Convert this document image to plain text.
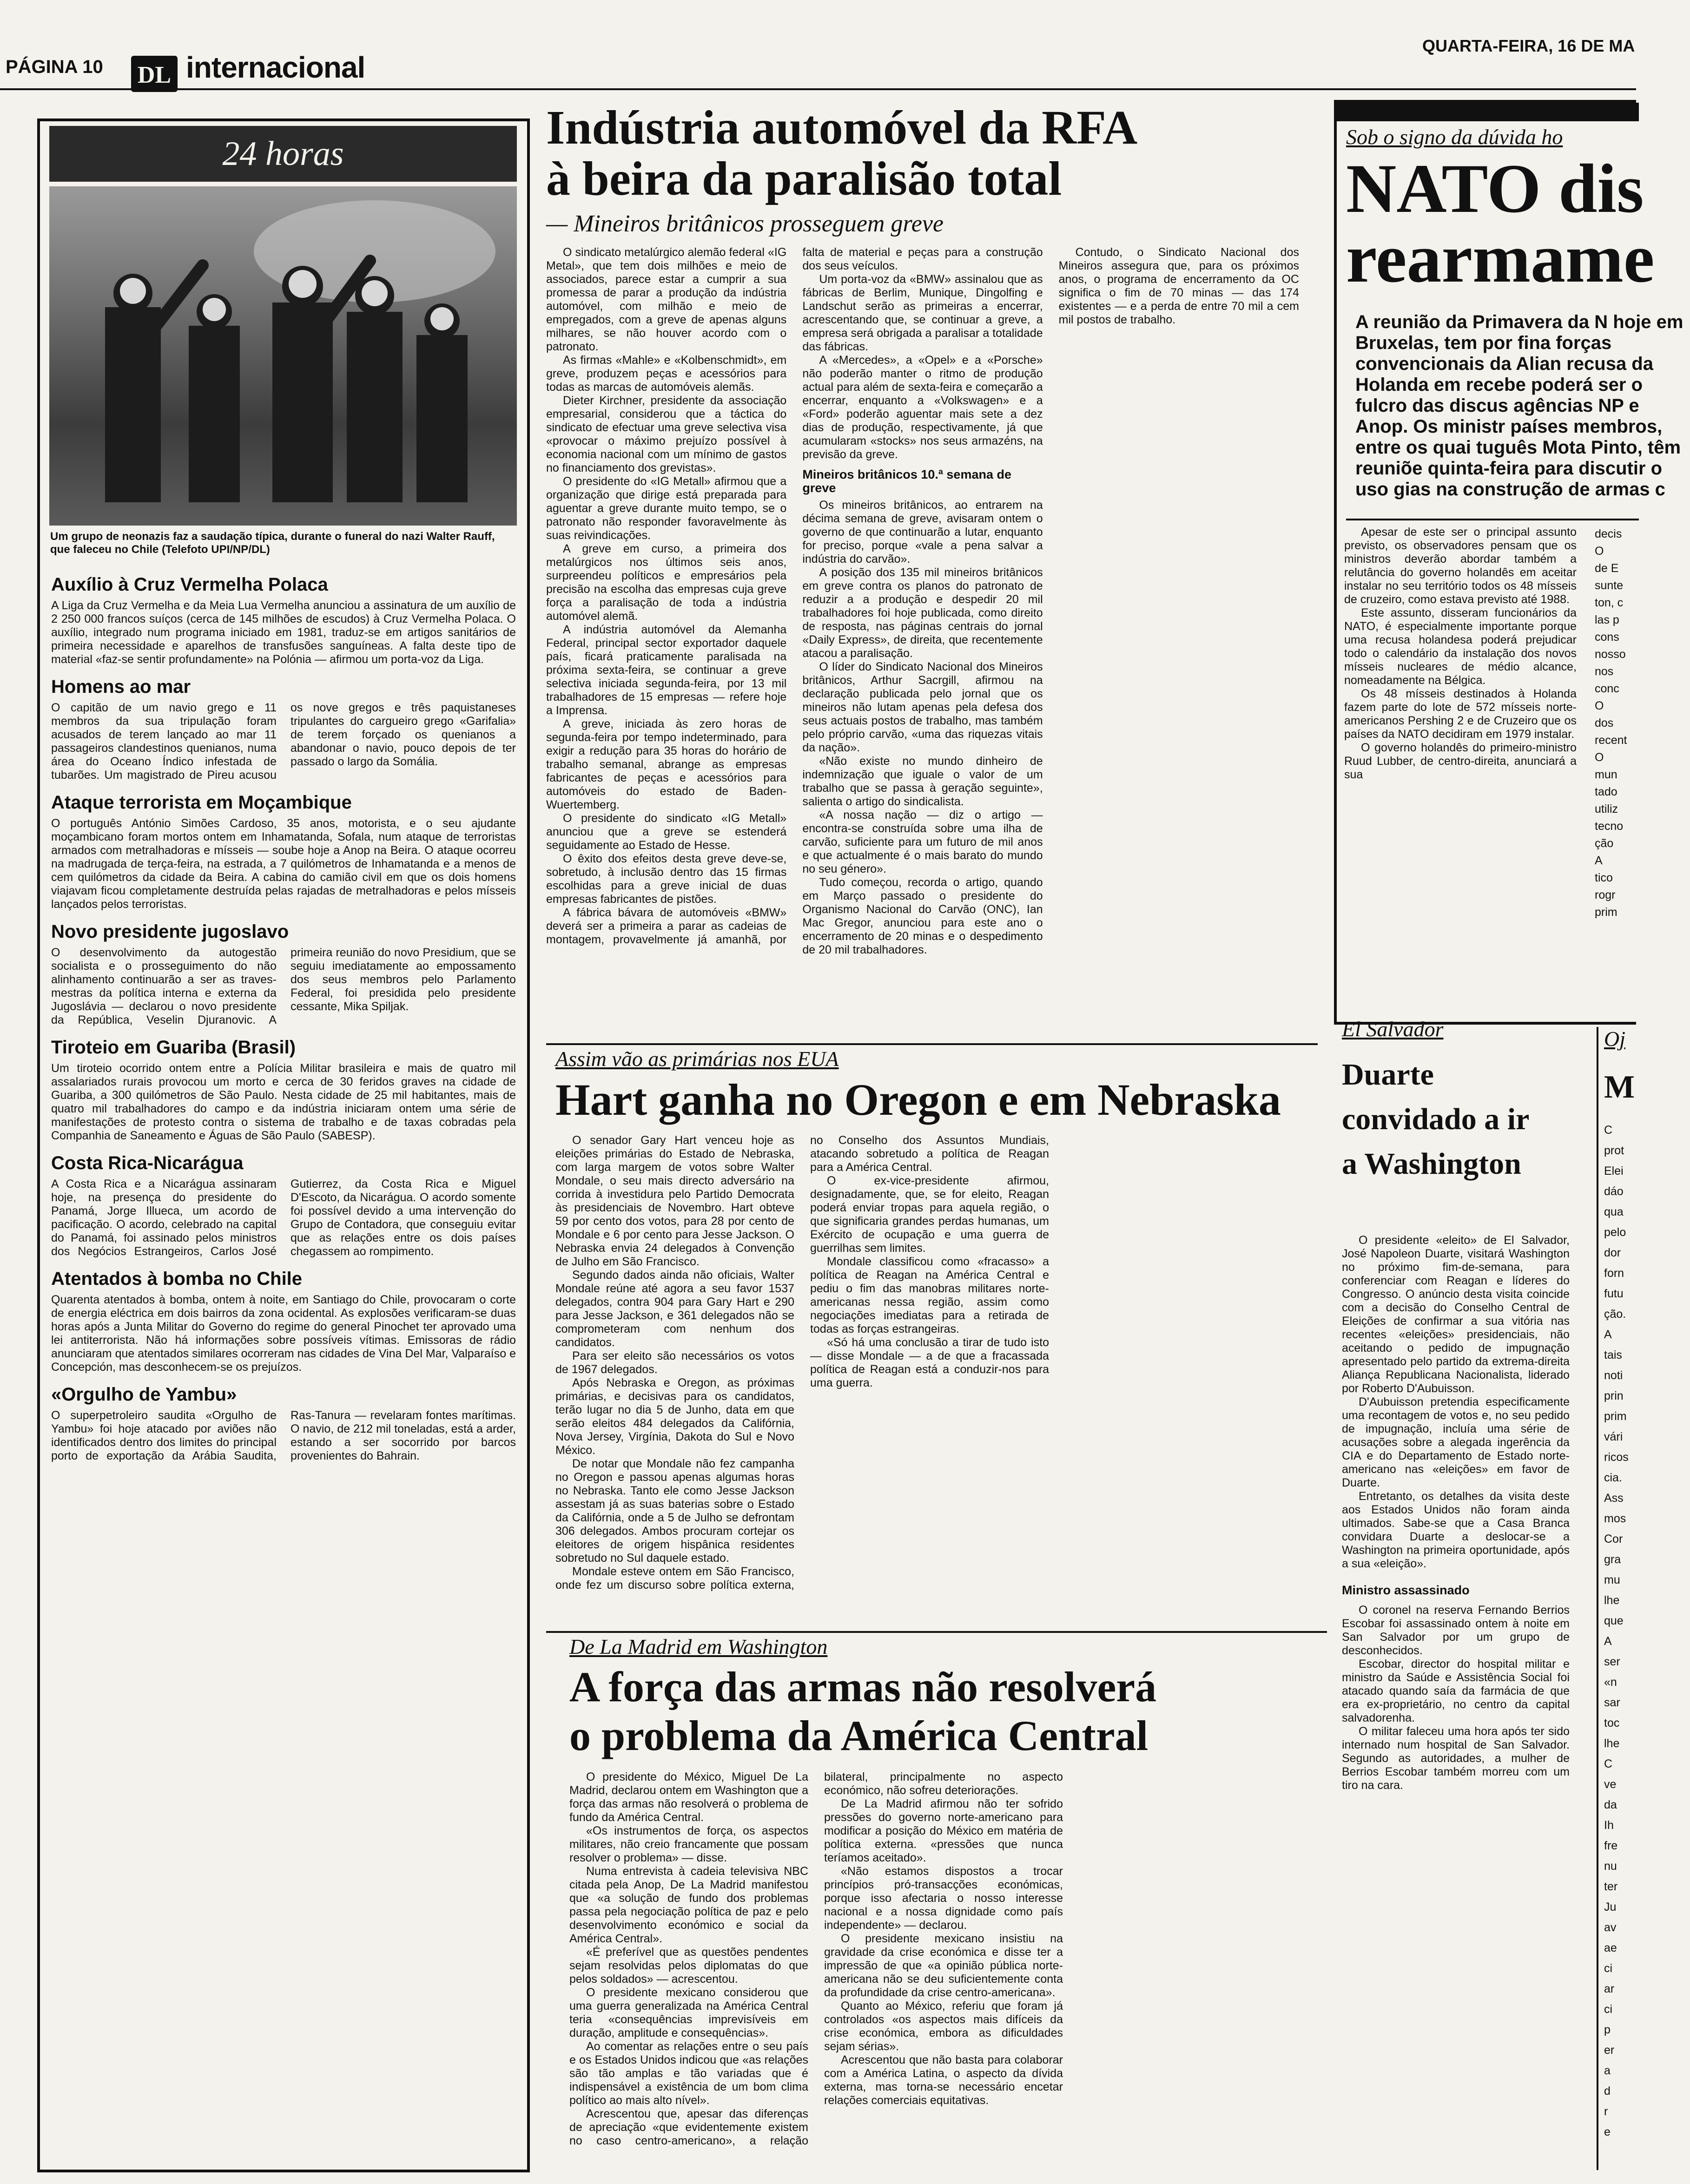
PÁGINA 10 DL internacional
QUARTA-FEIRA, 16 DE MA
24 horas
Um grupo de neonazis faz a saudação típica, durante o funeral do nazi Walter Rauff, que faleceu no Chile (Telefoto UPI/NP/DL)
Auxílio à Cruz Vermelha Polaca
A Liga da Cruz Vermelha e da Meia Lua Vermelha anunciou a assinatura de um auxílio de 2 250 000 francos suíços (cerca de 145 milhões de escudos) à Cruz Vermelha Polaca. O auxílio, integrado num programa iniciado em 1981, traduz-se em artigos sanitários de primeira necessidade e aparelhos de transfusões sanguíneas. A falta deste tipo de material «faz-se sentir profundamente» na Polónia — afirmou um porta-voz da Liga.
Homens ao mar
O capitão de um navio grego e 11 membros da sua tripulação foram acusados de terem lançado ao mar 11 passageiros clandestinos quenianos, numa área do Oceano Índico infestada de tubarões. Um magistrado de Pireu acusou os nove gregos e três paquistaneses tripulantes do cargueiro grego «Garifalia» de terem forçado os quenianos a abandonar o navio, pouco depois de ter passado o largo da Somália.
Ataque terrorista em Moçambique
O português António Simões Cardoso, 35 anos, motorista, e o seu ajudante moçambicano foram mortos ontem em Inhamatanda, Sofala, num ataque de terroristas armados com metralhadoras e mísseis — soube hoje a Anop na Beira. O ataque ocorreu na madrugada de terça-feira, na estrada, a 7 quilómetros de Inhamatanda e a menos de cem quilómetros da cidade da Beira. A cabina do camião civil em que os dois homens viajavam ficou completamente destruída pelas rajadas de metralhadoras e pelos mísseis lançados pelos terroristas.
Novo presidente jugoslavo
O desenvolvimento da autogestão socialista e o prosseguimento do não alinhamento continuarão a ser as traves-mestras da política interna e externa da Jugoslávia — declarou o novo presidente da República, Veselin Djuranovic. A primeira reunião do novo Presidium, que se seguiu imediatamente ao empossamento dos seus membros pelo Parlamento Federal, foi presidida pelo presidente cessante, Mika Spiljak.
Tiroteio em Guariba (Brasil)
Um tiroteio ocorrido ontem entre a Polícia Militar brasileira e mais de quatro mil assalariados rurais provocou um morto e cerca de 30 feridos graves na cidade de Guariba, a 300 quilómetros de São Paulo. Nesta cidade de 25 mil habitantes, mais de quatro mil trabalhadores do campo e da indústria iniciaram ontem uma série de manifestações de protesto contra o sistema de trabalho e de taxas cobradas pela Companhia de Saneamento e Águas de São Paulo (SABESP).
Costa Rica-Nicarágua
A Costa Rica e a Nicarágua assinaram hoje, na presença do presidente do Panamá, Jorge Illueca, um acordo de pacificação. O acordo, celebrado na capital do Panamá, foi assinado pelos ministros dos Negócios Estrangeiros, Carlos José Gutierrez, da Costa Rica e Miguel D'Escoto, da Nicarágua. O acordo somente foi possível devido a uma intervenção do Grupo de Contadora, que conseguiu evitar que as relações entre os dois países chegassem ao rompimento.
Atentados à bomba no Chile
Quarenta atentados à bomba, ontem à noite, em Santiago do Chile, provocaram o corte de energia eléctrica em dois bairros da zona ocidental. As explosões verificaram-se duas horas após a Junta Militar do Governo do regime do general Pinochet ter aprovado uma lei antiterrorista. Não há informações sobre possíveis vítimas. Emissoras de rádio anunciaram que atentados similares ocorreram nas cidades de Vina Del Mar, Valparaíso e Concepción, mas desconhecem-se os prejuízos.
«Orgulho de Yambu»
O superpetroleiro saudita «Orgulho de Yambu» foi hoje atacado por aviões não identificados dentro dos limites do principal porto de exportação da Arábia Saudita, Ras-Tanura — revelaram fontes marítimas. O navio, de 212 mil toneladas, está a arder, estando a ser socorrido por barcos provenientes do Bahrain.
Indústria automóvel da RFA à beira da paralisão total
— Mineiros britânicos prosseguem greve

O sindicato metalúrgico alemão federal «IG Metal», que tem dois milhões e meio de associados, parece estar a cumprir a sua promessa de parar a produção da indústria automóvel, com milhão e meio de empregados, com a greve de apenas alguns milhares, se não houver acordo com o patronato.

As firmas «Mahle» e «Kolbenschmidt», em greve, produzem peças e acessórios para todas as marcas de automóveis alemãs.

Dieter Kirchner, presidente da associação empresarial, considerou que a táctica do sindicato de efectuar uma greve selectiva visa «provocar o máximo prejuízo possível à economia nacional com um mínimo de gastos no financiamento dos grevistas».

O presidente do «IG Metall» afirmou que a organização que dirige está preparada para aguentar a greve durante muito tempo, se o patronato não responder favoravelmente às suas reivindicações.

A greve em curso, a primeira dos metalúrgicos nos últimos seis anos, surpreendeu políticos e empresários pela precisão na escolha das empresas cuja greve força a paralisação de toda a indústria automóvel alemã.

A indústria automóvel da Alemanha Federal, principal sector exportador daquele país, ficará praticamente paralisada na próxima sexta-feira, se continuar a greve selectiva iniciada segunda-feira, por 13 mil trabalhadores de 15 empresas — refere hoje a Imprensa.

A greve, iniciada às zero horas de segunda-feira por tempo indeterminado, para exigir a redução para 35 horas do horário de trabalho semanal, abrange as empresas fabricantes de peças e acessórios para automóveis do estado de Baden-Wuertemberg.

O presidente do sindicato «IG Metall» anunciou que a greve se estenderá seguidamente ao Estado de Hesse.

O êxito dos efeitos desta greve deve-se, sobretudo, à inclusão dentro das 15 firmas escolhidas para a greve inicial de duas empresas fabricantes de pistões.

A fábrica bávara de automóveis «BMW» deverá ser a primeira a parar as cadeias de montagem, provavelmente já amanhã, por falta de material e peças para a construção dos seus veículos.

Um porta-voz da «BMW» assinalou que as fábricas de Berlim, Munique, Dingolfing e Landschut serão as primeiras a encerrar, acrescentando que, se continuar a greve, a empresa será obrigada a paralisar a totalidade das fábricas.

A «Mercedes», a «Opel» e a «Porsche» não poderão manter o ritmo de produção actual para além de sexta-feira e começarão a encerrar, enquanto a «Volkswagen» e a «Ford» poderão aguentar mais sete a dez dias de produção, respectivamente, já que acumularam «stocks» nos seus armazéns, na previsão da greve.

Mineiros britânicos 10.ª semana de greve

Os mineiros britânicos, ao entrarem na décima semana de greve, avisaram ontem o governo de que continuarão a lutar, enquanto for preciso, porque «vale a pena salvar a indústria do carvão».

A posição dos 135 mil mineiros britânicos em greve contra os planos do patronato de reduzir a a produção e despedir 20 mil trabalhadores foi hoje publicada, como direito de resposta, nas páginas centrais do jornal «Daily Express», de direita, que recentemente atacou a paralisação.

O líder do Sindicato Nacional dos Mineiros britânicos, Arthur Sacrgill, afirmou na declaração publicada pelo jornal que os mineiros não lutam apenas pela defesa dos seus actuais postos de trabalho, mas também pelo próprio carvão, «uma das riquezas vitais da nação».

«Não existe no mundo dinheiro de indemnização que iguale o valor de um trabalho que se passa à geração seguinte», salienta o artigo do sindicalista.

«A nossa nação — diz o artigo — encontra-se construída sobre uma ilha de carvão, suficiente para um futuro de mil anos e que actualmente é o mais barato do mundo no seu género».

Tudo começou, recorda o artigo, quando em Março passado o presidente do Organismo Nacional do Carvão (ONC), Ian Mac Gregor, anunciou para este ano o encerramento de 20 minas e o despedimento de 20 mil trabalhadores.

Contudo, o Sindicato Nacional dos Mineiros assegura que, para os próximos anos, o programa de encerramento da OC significa o fim de 70 minas — das 174 existentes — e a perda de entre 70 mil a cem mil postos de trabalho.

Sob o signo da dúvida ho
NATO dis
rearmame
A reunião da Primavera da N hoje em Bruxelas, tem por fina forças convencionais da Alian recusa da Holanda em recebe poderá ser o fulcro das discus agências NP e Anop. Os ministr países membros, entre os quai tuguês Mota Pinto, têm reuniõe quinta-feira para discutir o uso gias na construção de armas c

Apesar de este ser o principal assunto previsto, os observadores pensam que os ministros deverão abordar também a relutância do governo holandês em aceitar instalar no seu território todos os 48 mísseis de cruzeiro, como estava previsto até 1988.

Este assunto, disseram funcionários da NATO, é especialmente importante porque uma recusa holandesa poderá prejudicar todo o calendário da instalação dos novos mísseis nucleares de médio alcance, nomeadamente na Bélgica.

Os 48 mísseis destinados à Holanda fazem parte do lote de 572 mísseis norte-americanos Pershing 2 e de Cruzeiro que os países da NATO decidiram em 1979 instalar.

O governo holandês do primeiro-ministro Ruud Lubber, de centro-direita, anunciará a sua

decis
O
de E
sunte
ton, c
las p
cons
nosso
nos
conc
O
dos
recent
O
mun
tado
utiliz
tecno
ção
A
tico
rogr
prim
Assim vão as primárias nos EUA
Hart ganha no Oregon e em Nebraska

O senador Gary Hart venceu hoje as eleições primárias do Estado de Nebraska, com larga margem de votos sobre Walter Mondale, o seu mais directo adversário na corrida à investidura pelo Partido Democrata às presidenciais de Novembro. Hart obteve 59 por cento dos votos, para 28 por cento de Mondale e 6 por cento para Jesse Jackson. O Nebraska envia 24 delegados à Convenção de Julho em São Francisco.

Segundo dados ainda não oficiais, Walter Mondale reúne até agora a seu favor 1537 delegados, contra 904 para Gary Hart e 290 para Jesse Jackson, e 361 delegados não se comprometeram com nenhum dos candidatos.

Para ser eleito são necessários os votos de 1967 delegados.

Após Nebraska e Oregon, as próximas primárias, e decisivas para os candidatos, terão lugar no dia 5 de Junho, data em que serão eleitos 484 delegados da Califórnia, Nova Jersey, Virgínia, Dakota do Sul e Novo México.

De notar que Mondale não fez campanha no Oregon e passou apenas algumas horas no Nebraska. Tanto ele como Jesse Jackson assestam já as suas baterias sobre o Estado da Califórnia, onde a 5 de Julho se defrontam 306 delegados. Ambos procuram cortejar os eleitores de origem hispânica residentes sobretudo no Sul daquele estado.

Mondale esteve ontem em São Francisco, onde fez um discurso sobre política externa, no Conselho dos Assuntos Mundiais, atacando sobretudo a política de Reagan para a América Central.

O ex-vice-presidente afirmou, designadamente, que, se for eleito, Reagan poderá enviar tropas para aquela região, o que significaria grandes perdas humanas, um Exército de ocupação e uma guerra de guerrilhas sem limites.

Mondale classificou como «fracasso» a política de Reagan na América Central e pediu o fim das manobras militares norte-americanas nessa região, assim como negociações imediatas para a retirada de todas as forças estrangeiras.

«Só há uma conclusão a tirar de tudo isto — disse Mondale — a de que a fracassada política de Reagan está a conduzir-nos para uma guerra.

De La Madrid em Washington
A força das armas não resolverá
o problema da América Central

O presidente do México, Miguel De La Madrid, declarou ontem em Washington que a força das armas não resolverá o problema de fundo da América Central.

«Os instrumentos de força, os aspectos militares, não creio francamente que possam resolver o problema» — disse.

Numa entrevista à cadeia televisiva NBC citada pela Anop, De La Madrid manifestou que «a solução de fundo dos problemas passa pela negociação política de paz e pelo desenvolvimento económico e social da América Central».

«É preferível que as questões pendentes sejam resolvidas pelos diplomatas do que pelos soldados» — acrescentou.

O presidente mexicano considerou que uma guerra generalizada na América Central teria «consequências imprevisíveis em duração, amplitude e consequências».

Ao comentar as relações entre o seu país e os Estados Unidos indicou que «as relações são tão amplas e tão variadas que é indispensável a existência de um bom clima político ao mais alto nível».

Acrescentou que, apesar das diferenças de apreciação «que evidentemente existem no caso centro-americano», a relação bilateral, principalmente no aspecto económico, não sofreu deteriorações.

De La Madrid afirmou não ter sofrido pressões do governo norte-americano para modificar a posição do México em matéria de política externa. «pressões que nunca teríamos aceitado».

«Não estamos dispostos a trocar princípios pró-transacções económicas, porque isso afectaria o nosso interesse nacional e a nossa dignidade como país independente» — declarou.

O presidente mexicano insistiu na gravidade da crise económica e disse ter a impressão de que «a opinião pública norte-americana não se deu suficientemente conta da profundidade da crise centro-americana».

Quanto ao México, referiu que foram já controlados «os aspectos mais difíceis da crise económica, embora as dificuldades sejam sérias».

Acrescentou que não basta para colaborar com a América Latina, o aspecto da dívida externa, mas torna-se necessário encetar relações comerciais equitativas.

El Salvador
Duarte convidado a ir a Washington

O presidente «eleito» de El Salvador, José Napoleon Duarte, visitará Washington no próximo fim-de-semana, para conferenciar com Reagan e líderes do Congresso. O anúncio desta visita coincide com a decisão do Conselho Central de Eleições de confirmar a sua vitória nas recentes «eleições» presidenciais, não aceitando o pedido de impugnação apresentado pelo partido da extrema-direita Aliança Republicana Nacionalista, liderado por Roberto D'Aubuisson.

D'Aubuisson pretendia especificamente uma recontagem de votos e, no seu pedido de impugnação, incluía uma série de acusações sobre a alegada ingerência da CIA e do Departamento de Estado norte-americano nas «eleições» em favor de Duarte.

Entretanto, os detalhes da visita deste aos Estados Unidos não foram ainda ultimados. Sabe-se que a Casa Branca convidara Duarte a deslocar-se a Washington na primeira oportunidade, após a sua «eleição».

Ministro assassinado

O coronel na reserva Fernando Berrios Escobar foi assassinado ontem à noite em San Salvador por um grupo de desconhecidos.

Escobar, director do hospital militar e ministro da Saúde e Assistência Social foi atacado quando saía da farmácia de que era ex-proprietário, no centro da capital salvadorenha.

O militar faleceu uma hora após ter sido internado num hospital de San Salvador. Segundo as autoridades, a mulher de Berrios Escobar também morreu com um tiro na cara.

Oj
M
C
prot
Elei
dáo
qua
pelo
dor
forn
futu
ção.
A
tais
noti
prin
prim
vári
ricos
cia.
Ass
mos
Cor
gra
mu
lhe
que
A
ser
«n
sar
toc
lhe
C
ve
da
Ih
fre
nu
ter
Ju
av
ae
ci
ar
ci
p
er
a
d
r
e
